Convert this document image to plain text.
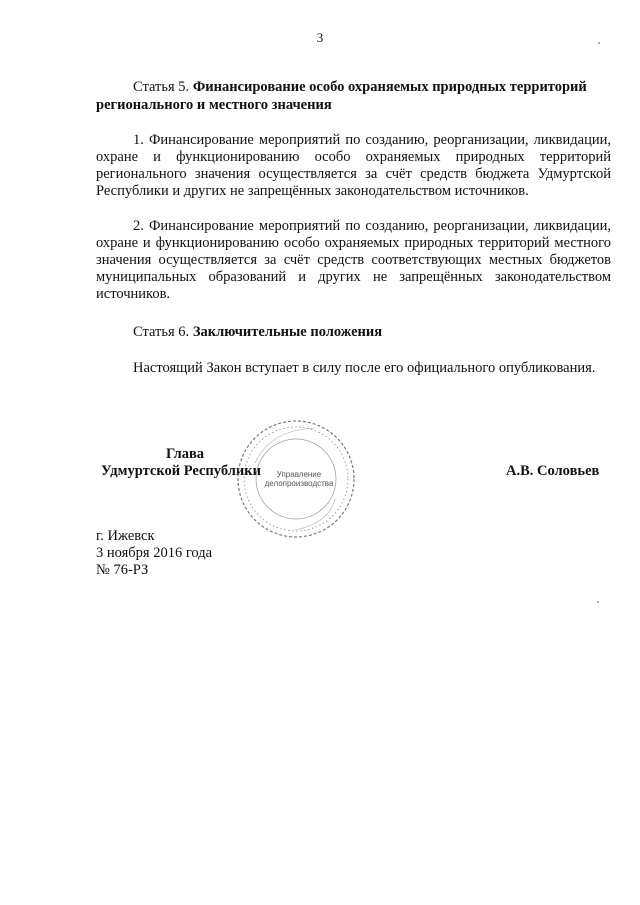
3
Статья 5. Финансирование особо охраняемых природных территорий
регионального и местного значения
1. Финансирование мероприятий по созданию, реорганизации, ликвидации, охране и функционированию особо охраняемых природных территорий регионального значения осуществляется за счёт средств бюджета Удмуртской Республики и других не запрещённых законодательством источников.
2. Финансирование мероприятий по созданию, реорганизации, ликвидации, охране и функционированию особо охраняемых природных территорий местного значения осуществляется за счёт средств соответствующих местных бюджетов муниципальных образований и других не запрещённых законодательством источников.
Статья 6. Заключительные положения
Настоящий Закон вступает в силу после его официального опубликования.
Глава
Удмуртской Республики	А.В. Соловьев
Управление
делопроизводства
г. Ижевск
3 ноября 2016 года
№ 76-РЗ
